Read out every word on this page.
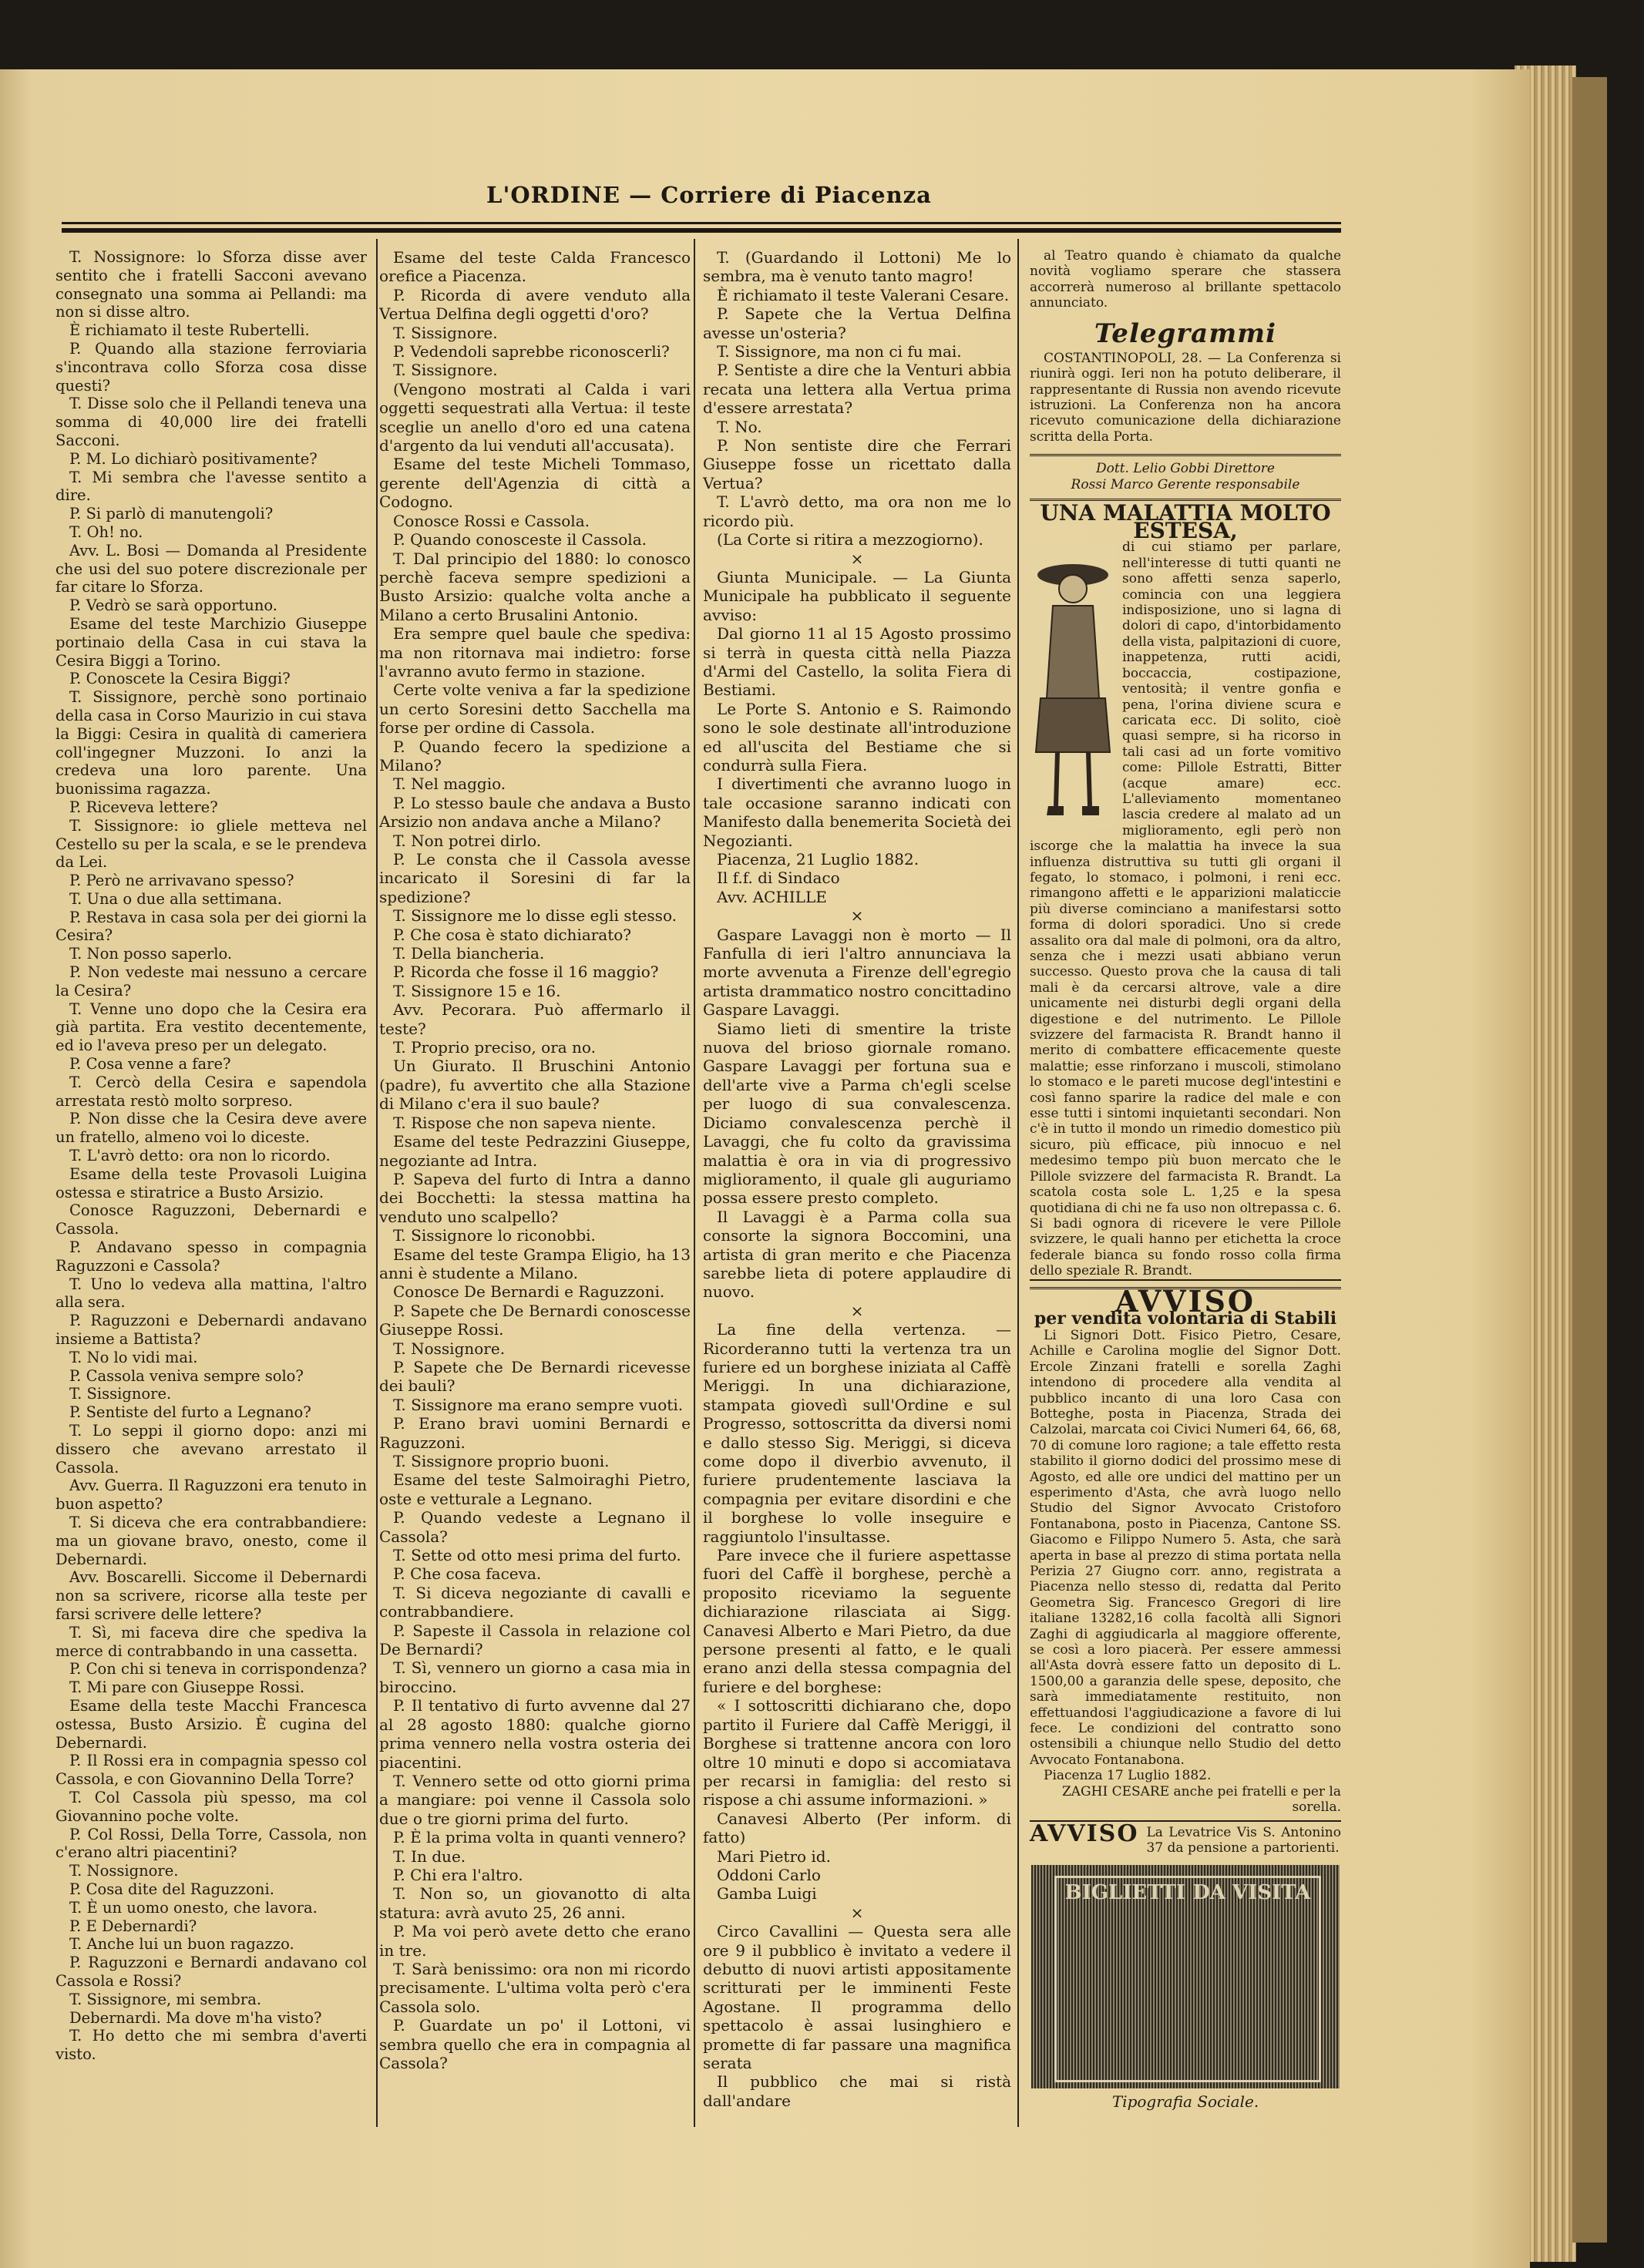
L'ORDINE — Corriere di Piacenza

T. Nossignore: lo Sforza disse aver sentito che i fratelli Sacconi avevano consegnato una somma ai Pellandi: ma non si disse altro.

È richiamato il teste Rubertelli.

P. Quando alla stazione ferroviaria s'incontrava collo Sforza cosa disse questi?

T. Disse solo che il Pellandi teneva una somma di 40,000 lire dei fratelli Sacconi.

P. M. Lo dichiarò positivamente?

T. Mi sembra che l'avesse sentito a dire.

P. Si parlò di manutengoli?

T. Oh! no.

Avv. L. Bosi — Domanda al Presidente che usi del suo potere discrezionale per far citare lo Sforza.

P. Vedrò se sarà opportuno.

Esame del teste Marchizio Giuseppe portinaio della Casa in cui stava la Cesira Biggi a Torino.

P. Conoscete la Cesira Biggi?

T. Sissignore, perchè sono portinaio della casa in Corso Maurizio in cui stava la Biggi: Cesira in qualità di cameriera coll'ingegner Muzzoni. Io anzi la credeva una loro parente. Una buonissima ragazza.

P. Riceveva lettere?

T. Sissignore: io gliele metteva nel Cestello su per la scala, e se le prendeva da Lei.

P. Però ne arrivavano spesso?

T. Una o due alla settimana.

P. Restava in casa sola per dei giorni la Cesira?

T. Non posso saperlo.

P. Non vedeste mai nessuno a cercare la Cesira?

T. Venne uno dopo che la Cesira era già partita. Era vestito decentemente, ed io l'aveva preso per un delegato.

P. Cosa venne a fare?

T. Cercò della Cesira e sapendola arrestata restò molto sorpreso.

P. Non disse che la Cesira deve avere un fratello, almeno voi lo diceste.

T. L'avrò detto: ora non lo ricordo.

Esame della teste Provasoli Luigina ostessa e stiratrice a Busto Arsizio.

Conosce Raguzzoni, Debernardi e Cassola.

P. Andavano spesso in compagnia Raguzzoni e Cassola?

T. Uno lo vedeva alla mattina, l'altro alla sera.

P. Raguzzoni e Debernardi andavano insieme a Battista?

T. No lo vidi mai.

P. Cassola veniva sempre solo?

T. Sissignore.

P. Sentiste del furto a Legnano?

T. Lo seppi il giorno dopo: anzi mi dissero che avevano arrestato il Cassola.

Avv. Guerra. Il Raguzzoni era tenuto in buon aspetto?

T. Si diceva che era contrabbandiere: ma un giovane bravo, onesto, come il Debernardi.

Avv. Boscarelli. Siccome il Debernardi non sa scrivere, ricorse alla teste per farsi scrivere delle lettere?

T. Sì, mi faceva dire che spediva la merce di contrabbando in una cassetta.

P. Con chi si teneva in corrispondenza?

T. Mi pare con Giuseppe Rossi.

Esame della teste Macchi Francesca ostessa, Busto Arsizio. È cugina del Debernardi.

P. Il Rossi era in compagnia spesso col Cassola, e con Giovannino Della Torre?

T. Col Cassola più spesso, ma col Giovannino poche volte.

P. Col Rossi, Della Torre, Cassola, non c'erano altri piacentini?

T. Nossignore.

P. Cosa dite del Raguzzoni.

T. È un uomo onesto, che lavora.

P. E Debernardi?

T. Anche lui un buon ragazzo.

P. Raguzzoni e Bernardi andavano col Cassola e Rossi?

T. Sissignore, mi sembra.

Debernardi. Ma dove m'ha visto?

T. Ho detto che mi sembra d'averti visto.

Esame del teste Calda Francesco orefice a Piacenza.

P. Ricorda di avere venduto alla Vertua Delfina degli oggetti d'oro?

T. Sissignore.

P. Vedendoli saprebbe riconoscerli?

T. Sissignore.

(Vengono mostrati al Calda i vari oggetti sequestrati alla Vertua: il teste sceglie un anello d'oro ed una catena d'argento da lui venduti all'accusata).

Esame del teste Micheli Tommaso, gerente dell'Agenzia di città a Codogno.

Conosce Rossi e Cassola.

P. Quando conosceste il Cassola.

T. Dal principio del 1880: lo conosco perchè faceva sempre spedizioni a Busto Arsizio: qualche volta anche a Milano a certo Brusalini Antonio.

Era sempre quel baule che spediva: ma non ritornava mai indietro: forse l'avranno avuto fermo in stazione.

Certe volte veniva a far la spedizione un certo Soresini detto Sacchella ma forse per ordine di Cassola.

P. Quando fecero la spedizione a Milano?

T. Nel maggio.

P. Lo stesso baule che andava a Busto Arsizio non andava anche a Milano?

T. Non potrei dirlo.

P. Le consta che il Cassola avesse incaricato il Soresini di far la spedizione?

T. Sissignore me lo disse egli stesso.

P. Che cosa è stato dichiarato?

T. Della biancheria.

P. Ricorda che fosse il 16 maggio?

T. Sissignore 15 e 16.

Avv. Pecorara. Può affermarlo il teste?

T. Proprio preciso, ora no.

Un Giurato. Il Bruschini Antonio (padre), fu avvertito che alla Stazione di Milano c'era il suo baule?

T. Rispose che non sapeva niente.

Esame del teste Pedrazzini Giuseppe, negoziante ad Intra.

P. Sapeva del furto di Intra a danno dei Bocchetti: la stessa mattina ha venduto uno scalpello?

T. Sissignore lo riconobbi.

Esame del teste Grampa Eligio, ha 13 anni è studente a Milano.

Conosce De Bernardi e Raguzzoni.

P. Sapete che De Bernardi conoscesse Giuseppe Rossi.

T. Nossignore.

P. Sapete che De Bernardi ricevesse dei bauli?

T. Sissignore ma erano sempre vuoti.

P. Erano bravi uomini Bernardi e Raguzzoni.

T. Sissignore proprio buoni.

Esame del teste Salmoiraghi Pietro, oste e vetturale a Legnano.

P. Quando vedeste a Legnano il Cassola?

T. Sette od otto mesi prima del furto.

P. Che cosa faceva.

T. Si diceva negoziante di cavalli e contrabbandiere.

P. Sapeste il Cassola in relazione col De Bernardi?

T. Sì, vennero un giorno a casa mia in biroccino.

P. Il tentativo di furto avvenne dal 27 al 28 agosto 1880: qualche giorno prima vennero nella vostra osteria dei piacentini.

T. Vennero sette od otto giorni prima a mangiare: poi venne il Cassola solo due o tre giorni prima del furto.

P. È la prima volta in quanti vennero?

T. In due.

P. Chi era l'altro.

T. Non so, un giovanotto di alta statura: avrà avuto 25, 26 anni.

P. Ma voi però avete detto che erano in tre.

T. Sarà benissimo: ora non mi ricordo precisamente. L'ultima volta però c'era Cassola solo.

P. Guardate un po' il Lottoni, vi sembra quello che era in compagnia al Cassola?

T. (Guardando il Lottoni) Me lo sembra, ma è venuto tanto magro!

È richiamato il teste Valerani Cesare.

P. Sapete che la Vertua Delfina avesse un'osteria?

T. Sissignore, ma non ci fu mai.

P. Sentiste a dire che la Venturi abbia recata una lettera alla Vertua prima d'essere arrestata?

T. No.

P. Non sentiste dire che Ferrari Giuseppe fosse un ricettato dalla Vertua?

T. L'avrò detto, ma ora non me lo ricordo più.

(La Corte si ritira a mezzogiorno).

×

Giunta Municipale. — La Giunta Municipale ha pubblicato il seguente avviso:

Dal giorno 11 al 15 Agosto prossimo si terrà in questa città nella Piazza d'Armi del Castello, la solita Fiera di Bestiami.

Le Porte S. Antonio e S. Raimondo sono le sole destinate all'introduzione ed all'uscita del Bestiame che si condurrà sulla Fiera.

I divertimenti che avranno luogo in tale occasione saranno indicati con Manifesto dalla benemerita Società dei Negozianti.

Piacenza, 21 Luglio 1882.

Il f.f. di Sindaco

Avv. ACHILLE

×

Gaspare Lavaggi non è morto — Il Fanfulla di ieri l'altro annunciava la morte avvenuta a Firenze dell'egregio artista drammatico nostro concittadino Gaspare Lavaggi.

Siamo lieti di smentire la triste nuova del brioso giornale romano. Gaspare Lavaggi per fortuna sua e dell'arte vive a Parma ch'egli scelse per luogo di sua convalescenza. Diciamo convalescenza perchè il Lavaggi, che fu colto da gravissima malattia è ora in via di progressivo miglioramento, il quale gli auguriamo possa essere presto completo.

Il Lavaggi è a Parma colla sua consorte la signora Boccomini, una artista di gran merito e che Piacenza sarebbe lieta di potere applaudire di nuovo.

×

La fine della vertenza. — Ricorderanno tutti la vertenza tra un furiere ed un borghese iniziata al Caffè Meriggi. In una dichiarazione, stampata giovedì sull'Ordine e sul Progresso, sottoscritta da diversi nomi e dallo stesso Sig. Meriggi, si diceva come dopo il diverbio avvenuto, il furiere prudentemente lasciava la compagnia per evitare disordini e che il borghese lo volle inseguire e raggiuntolo l'insultasse.

Pare invece che il furiere aspettasse fuori del Caffè il borghese, perchè a proposito riceviamo la seguente dichiarazione rilasciata ai Sigg. Canavesi Alberto e Mari Pietro, da due persone presenti al fatto, e le quali erano anzi della stessa compagnia del furiere e del borghese:

« I sottoscritti dichiarano che, dopo partito il Furiere dal Caffè Meriggi, il Borghese si trattenne ancora con loro oltre 10 minuti e dopo si accomiatava per recarsi in famiglia: del resto si rispose a chi assume informazioni. »

Canavesi Alberto (Per inform. di fatto)

Mari Pietro id.

Oddoni Carlo

Gamba Luigi

×

Circo Cavallini — Questa sera alle ore 9 il pubblico è invitato a vedere il debutto di nuovi artisti appositamente scritturati per le imminenti Feste Agostane. Il programma dello spettacolo è assai lusinghiero e promette di far passare una magnifica serata

Il pubblico che mai si ristà dall'andare

al Teatro quando è chiamato da qualche novità vogliamo sperare che stassera accorrerà numeroso al brillante spettacolo annunciato.

Telegrammi

COSTANTINOPOLI, 28. — La Conferenza si riunirà oggi. Ieri non ha potuto deliberare, il rappresentante di Russia non avendo ricevute istruzioni. La Conferenza non ha ancora ricevuto comunicazione della dichiarazione scritta della Porta.

Dott. Lelio Gobbi Direttore
Rossi Marco Gerente responsabile
UNA MALATTIA MOLTO ESTESA,

di cui stiamo per parlare, nell'interesse di tutti quanti ne sono affetti senza saperlo, comincia con una leggiera indisposizione, uno si lagna di dolori di capo, d'intorbidamento della vista, palpitazioni di cuore, inappetenza, rutti acidi, boccaccia, costipazione, ventosità; il ventre gonfia e pena, l'orina diviene scura e caricata ecc. Di solito, cioè quasi sempre, si ha ricorso in tali casi ad un forte vomitivo come: Pillole Estratti, Bitter (acque amare) ecc. L'alleviamento momentaneo lascia credere al malato ad un miglioramento, egli però non iscorge che la malattia ha invece la sua influenza distruttiva su tutti gli organi il fegato, lo stomaco, i polmoni, i reni ecc. rimangono affetti e le apparizioni malaticcie più diverse cominciano a manifestarsi sotto forma di dolori sporadici. Uno si crede assalito ora dal male di polmoni, ora da altro, senza che i mezzi usati abbiano verun successo. Questo prova che la causa di tali mali è da cercarsi altrove, vale a dire unicamente nei disturbi degli organi della digestione e del nutrimento. Le Pillole svizzere del farmacista R. Brandt hanno il merito di combattere efficacemente queste malattie; esse rinforzano i muscoli, stimolano lo stomaco e le pareti mucose degl'intestini e così fanno sparire la radice del male e con esse tutti i sintomi inquietanti secondari. Non c'è in tutto il mondo un rimedio domestico più sicuro, più efficace, più innocuo e nel medesimo tempo più buon mercato che le Pillole svizzere del farmacista R. Brandt. La scatola costa sole L. 1,25 e la spesa quotidiana di chi ne fa uso non oltrepassa c. 6. Si badi ognora di ricevere le vere Pillole svizzere, le quali hanno per etichetta la croce federale bianca su fondo rosso colla firma dello speziale R. Brandt.

AVVISO
per vendita volontaria di Stabili

Li Signori Dott. Fisico Pietro, Cesare, Achille e Carolina moglie del Signor Dott. Ercole Zinzani fratelli e sorella Zaghi intendono di procedere alla vendita al pubblico incanto di una loro Casa con Botteghe, posta in Piacenza, Strada dei Calzolai, marcata coi Civici Numeri 64, 66, 68, 70 di comune loro ragione; a tale effetto resta stabilito il giorno dodici del prossimo mese di Agosto, ed alle ore undici del mattino per un esperimento d'Asta, che avrà luogo nello Studio del Signor Avvocato Cristoforo Fontanabona, posto in Piacenza, Cantone SS. Giacomo e Filippo Numero 5. Asta, che sarà aperta in base al prezzo di stima portata nella Perizia 27 Giugno corr. anno, registrata a Piacenza nello stesso di, redatta dal Perito Geometra Sig. Francesco Gregori di lire italiane 13282,16 colla facoltà alli Signori Zaghi di aggiudicarla al maggiore offerente, se così a loro piacerà. Per essere ammessi all'Asta dovrà essere fatto un deposito di L. 1500,00 a garanzia delle spese, deposito, che sarà immediatamente restituito, non effettuandosi l'aggiudicazione a favore di lui fece. Le condizioni del contratto sono ostensibili a chiunque nello Studio del detto Avvocato Fontanabona.

Piacenza 17 Luglio 1882.

ZAGHI CESARE anche pei fratelli e per la sorella.

AVVISO La Levatrice Vis S. Antonino 37 da pensione a partorienti.
BIGLIETTI DA VISITA
Tipografia Sociale.
